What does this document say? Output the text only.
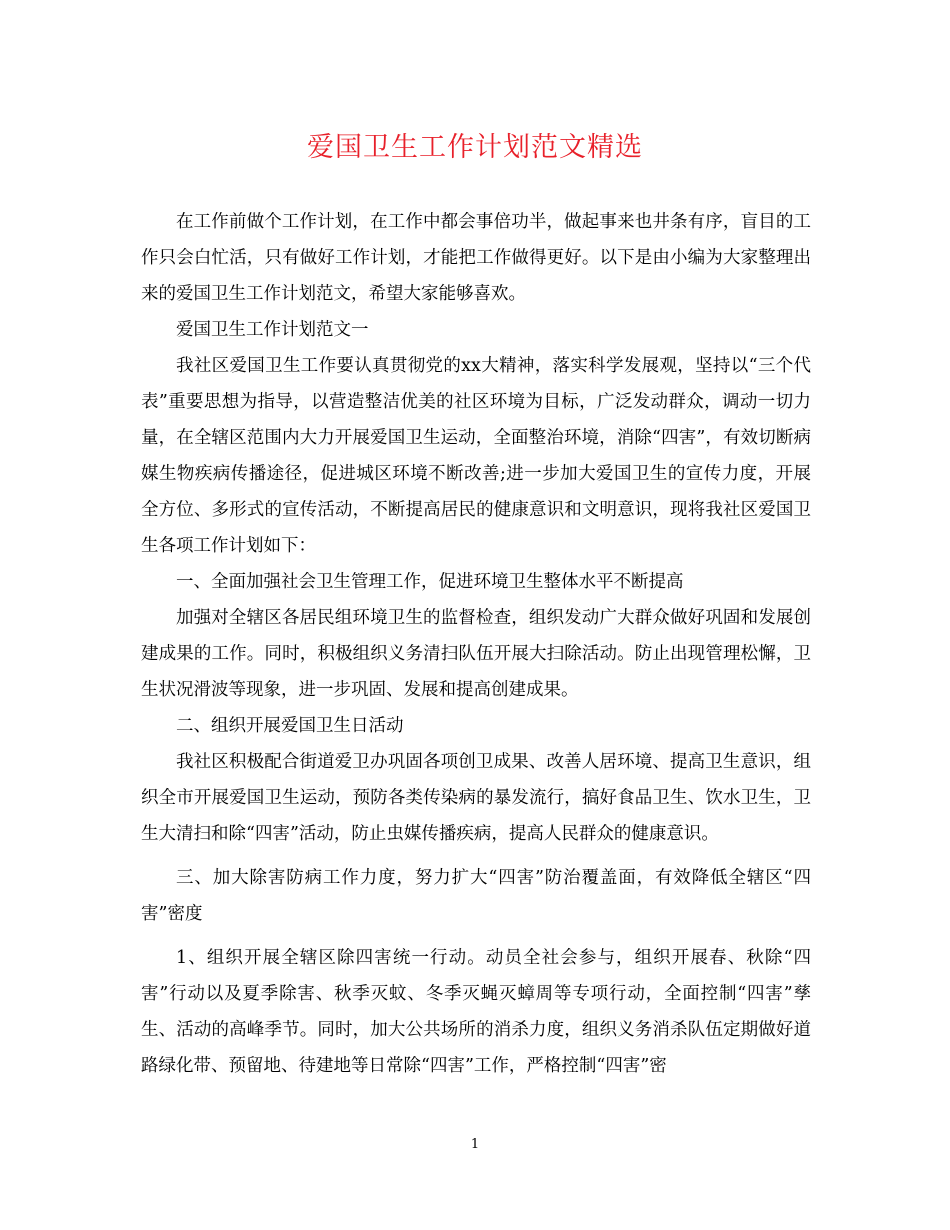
爱国卫生工作计划范文精选

在工作前做个工作计划，在工作中都会事倍功半，做起事来也井条有序，盲目的工作只会白忙活，只有做好工作计划，才能把工作做得更好。以下是由小编为大家整理出来的爱国卫生工作计划范文，希望大家能够喜欢。

爱国卫生工作计划范文一

我社区爱国卫生工作要认真贯彻党的xx大精神，落实科学发展观，坚持以“三个代表”重要思想为指导，以营造整洁优美的社区环境为目标，广泛发动群众，调动一切力量，在全辖区范围内大力开展爱国卫生运动，全面整治环境，消除“四害”，有效切断病媒生物疾病传播途径，促进城区环境不断改善;进一步加大爱国卫生的宣传力度，开展全方位、多形式的宣传活动，不断提高居民的健康意识和文明意识，现将我社区爱国卫生各项工作计划如下：

一、全面加强社会卫生管理工作，促进环境卫生整体水平不断提高

加强对全辖区各居民组环境卫生的监督检查，组织发动广大群众做好巩固和发展创建成果的工作。同时，积极组织义务清扫队伍开展大扫除活动。防止出现管理松懈，卫生状况滑波等现象，进一步巩固、发展和提高创建成果。

二、组织开展爱国卫生日活动

我社区积极配合街道爱卫办巩固各项创卫成果、改善人居环境、提高卫生意识，组织全市开展爱国卫生运动，预防各类传染病的暴发流行，搞好食品卫生、饮水卫生，卫生大清扫和除“四害”活动，防止虫媒传播疾病，提高人民群众的健康意识。

三、加大除害防病工作力度，努力扩大“四害”防治覆盖面，有效降低全辖区“四害”密度

1、组织开展全辖区除四害统一行动。动员全社会参与，组织开展春、秋除“四害”行动以及夏季除害、秋季灭蚊、冬季灭蝇灭蟑周等专项行动，全面控制“四害”孳生、活动的高峰季节。同时，加大公共场所的消杀力度，组织义务消杀队伍定期做好道路绿化带、预留地、待建地等日常除“四害”工作，严格控制“四害”密

1
